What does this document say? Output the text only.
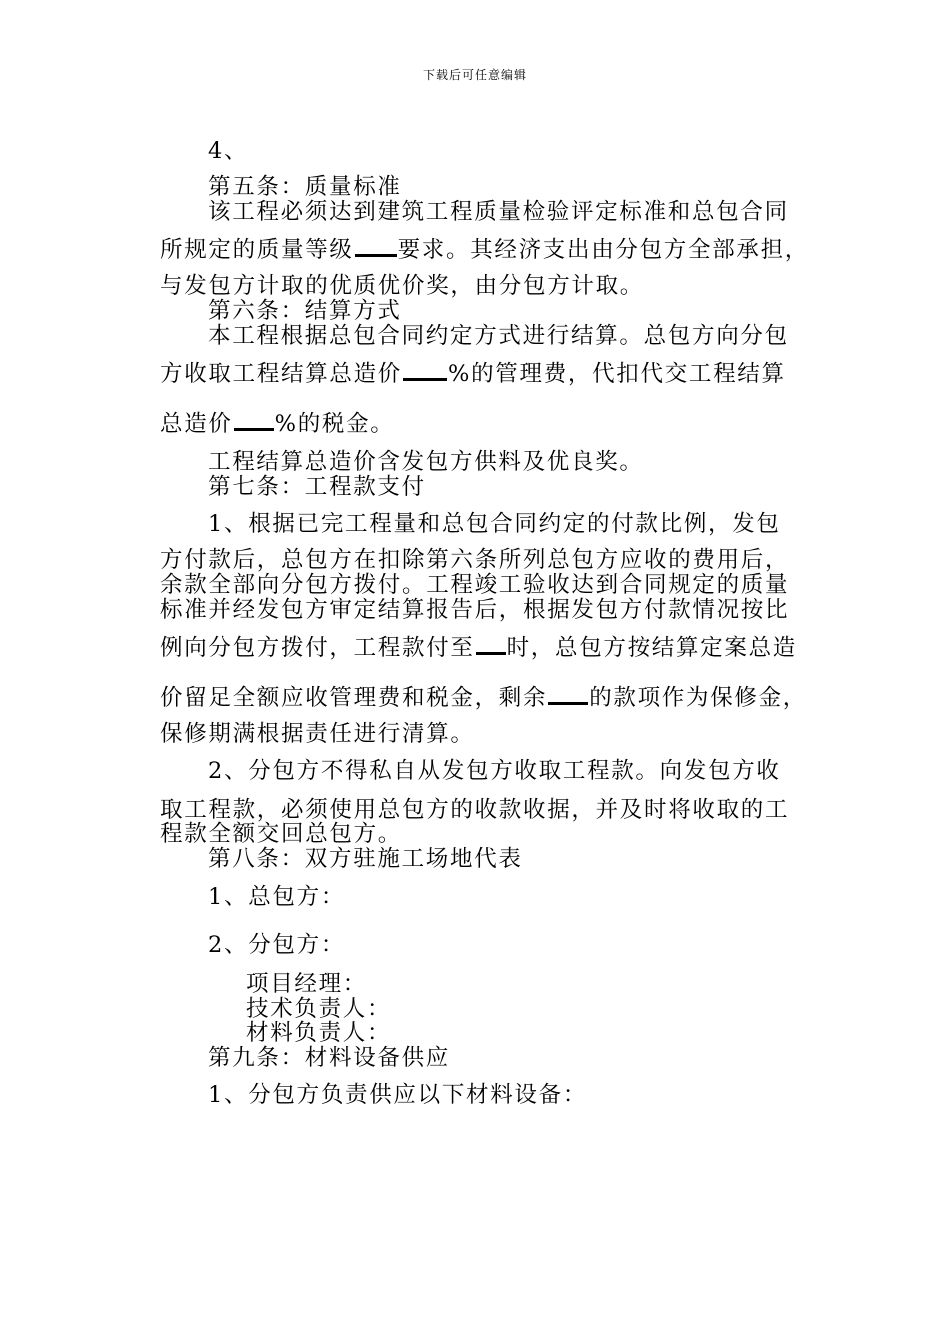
下载后可任意编辑
4、
第五条：质量标准
该工程必须达到建筑工程质量检验评定标准和总包合同
所规定的质量等级 要求。其经济支出由分包方全部承担，
与发包方计取的优质优价奖，由分包方计取。
第六条：结算方式
本工程根据总包合同约定方式进行结算。总包方向分包
方收取工程结算总造价 %的管理费，代扣代交工程结算
总造价 %的税金。
工程结算总造价含发包方供料及优良奖。
第七条：工程款支付
1、根据已完工程量和总包合同约定的付款比例，发包
方付款后，总包方在扣除第六条所列总包方应收的费用后，
余款全部向分包方拨付。工程竣工验收达到合同规定的质量
标准并经发包方审定结算报告后，根据发包方付款情况按比
例向分包方拨付，工程款付至 时，总包方按结算定案总造
价留足全额应收管理费和税金，剩余 的款项作为保修金，
保修期满根据责任进行清算。
2、分包方不得私自从发包方收取工程款。向发包方收
取工程款，必须使用总包方的收款收据，并及时将收取的工
程款全额交回总包方。
第八条：双方驻施工场地代表
1、总包方：
2、分包方：
项目经理：
技术负责人：
材料负责人：
第九条：材料设备供应
1、分包方负责供应以下材料设备：
